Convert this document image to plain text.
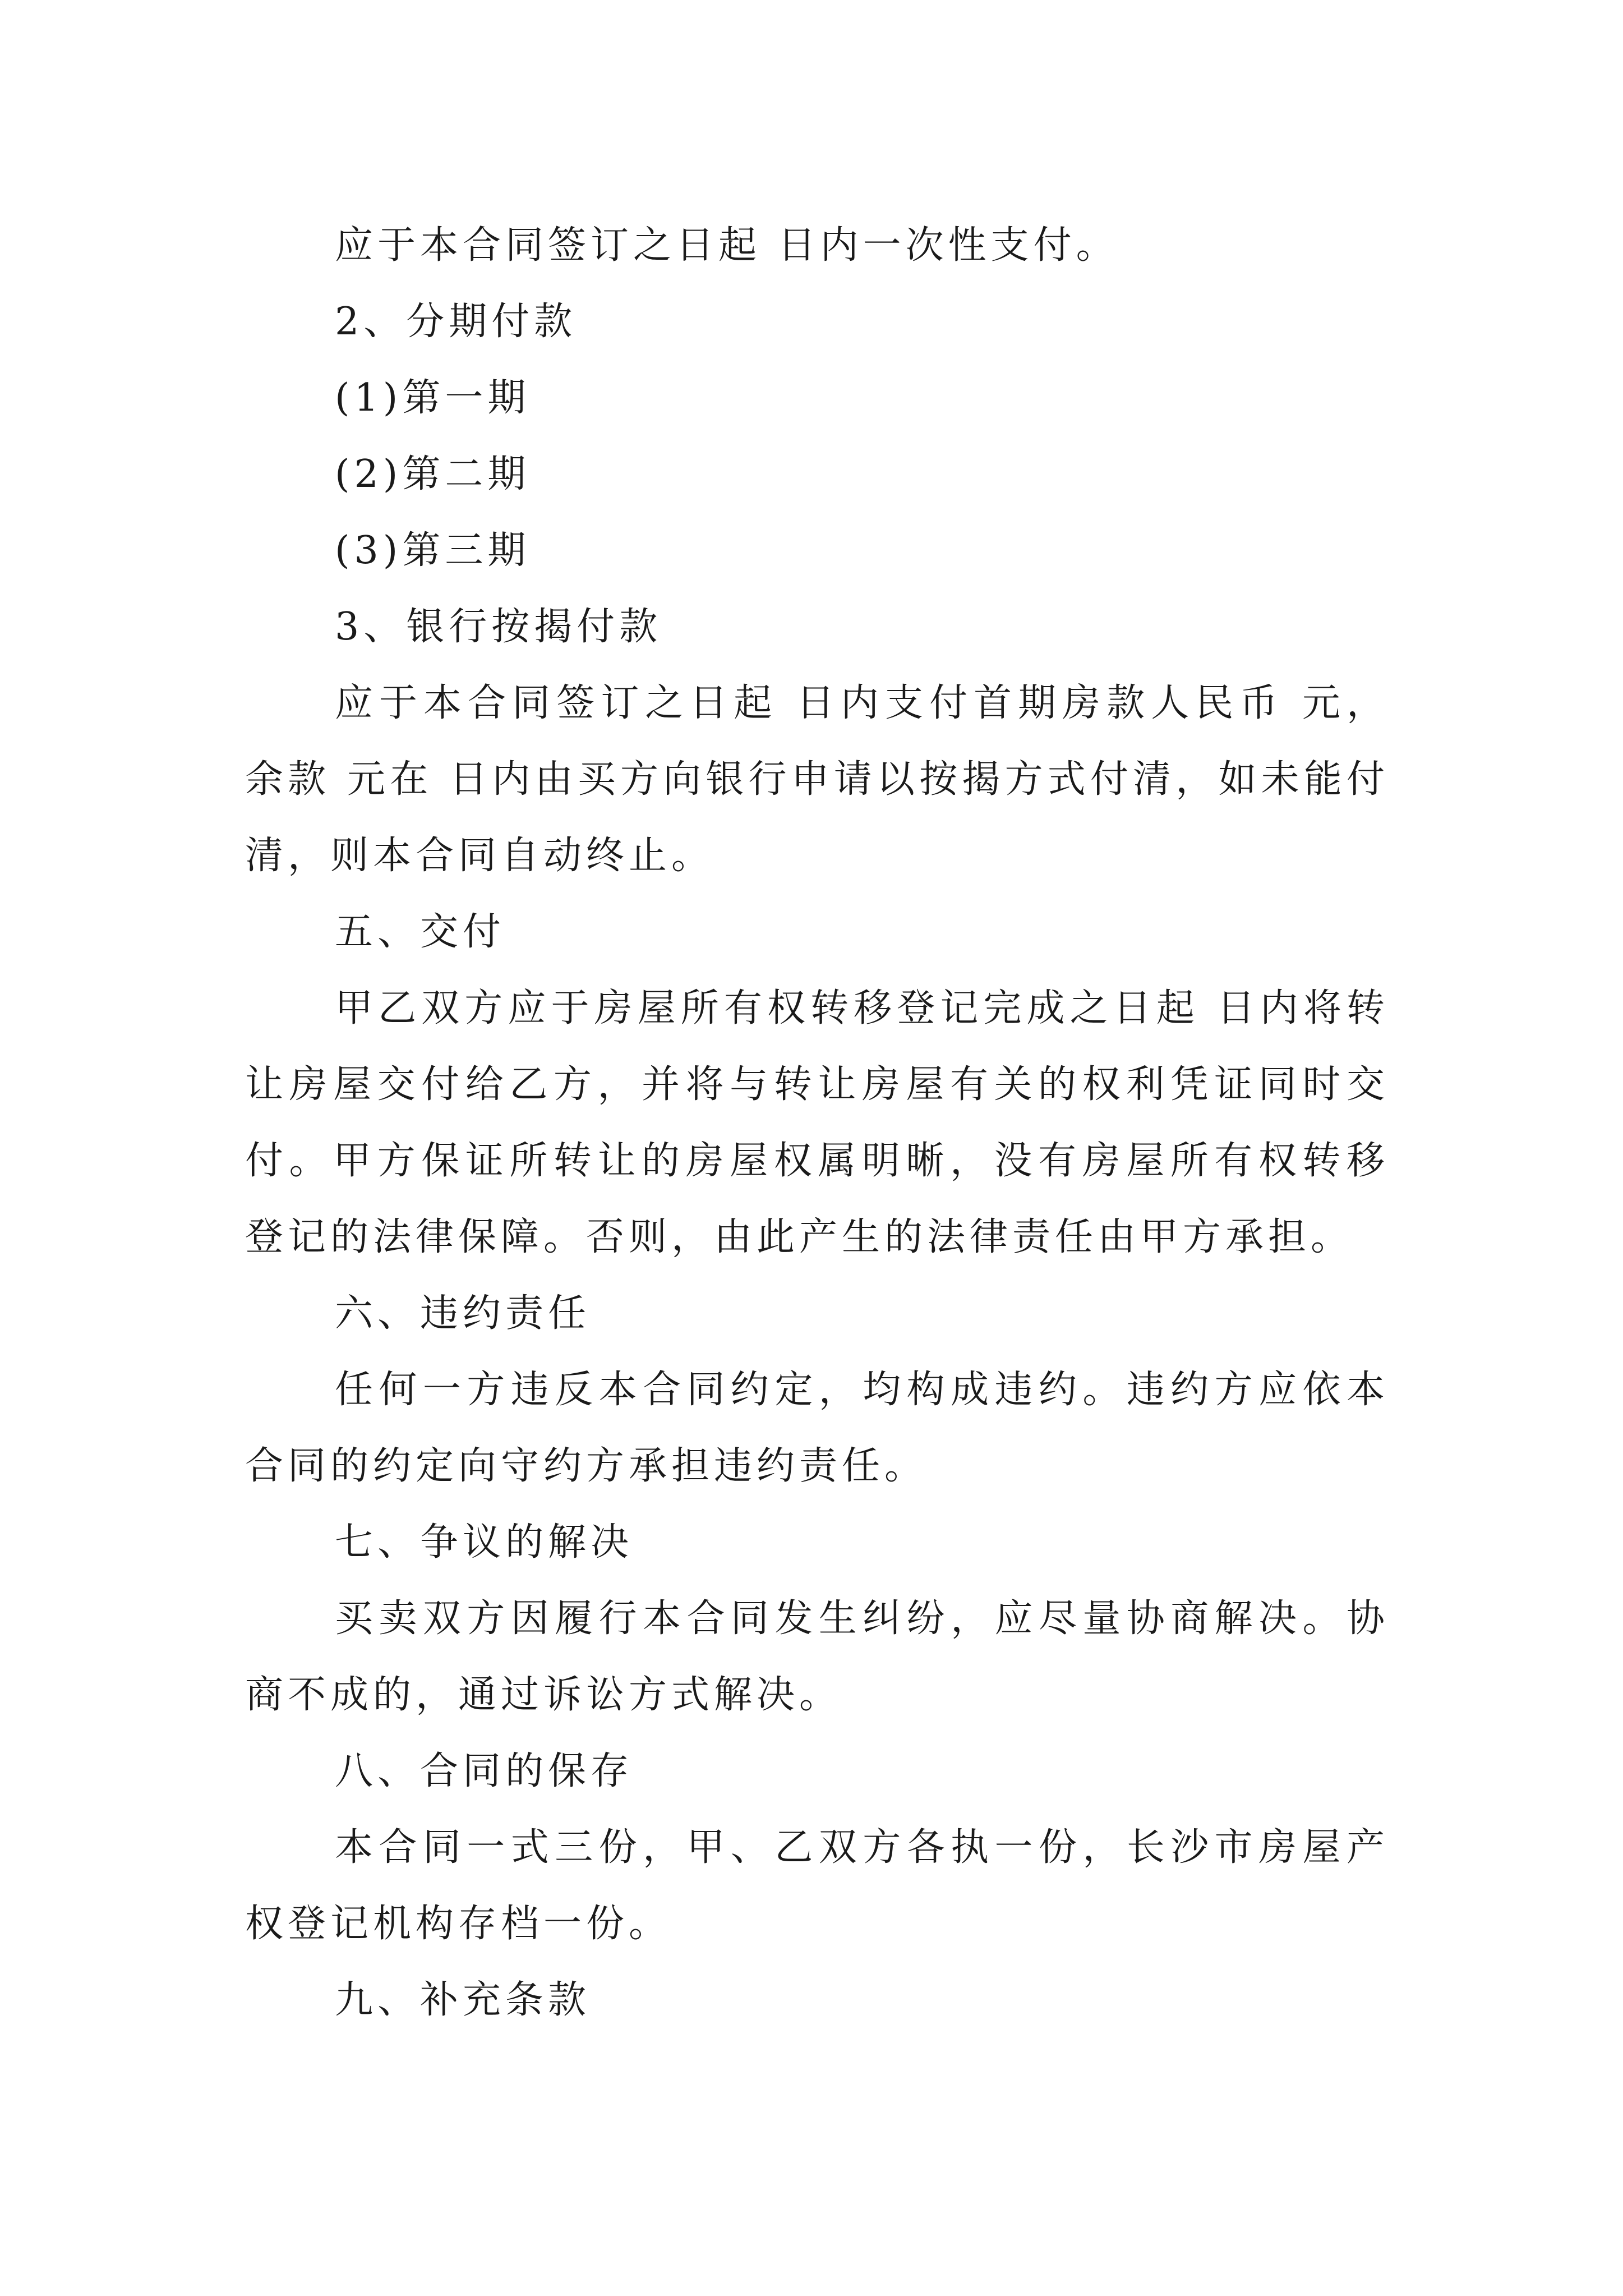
应于本合同签订之日起 日内一次性支付。

2、分期付款

(1)第一期

(2)第二期

(3)第三期

3、银行按揭付款

应于本合同签订之日起 日内支付首期房款人民币 元，余款 元在 日内由买方向银行申请以按揭方式付清，如未能付清，则本合同自动终止。

五、交付

甲乙双方应于房屋所有权转移登记完成之日起 日内将转让房屋交付给乙方，并将与转让房屋有关的权利凭证同时交付。甲方保证所转让的房屋权属明晰，没有房屋所有权转移登记的法律保障。否则，由此产生的法律责任由甲方承担。

六、违约责任

任何一方违反本合同约定，均构成违约。违约方应依本合同的约定向守约方承担违约责任。

七、争议的解决

买卖双方因履行本合同发生纠纷，应尽量协商解决。协商不成的，通过诉讼方式解决。

八、合同的保存

本合同一式三份，甲、乙双方各执一份，长沙市房屋产权登记机构存档一份。

九、补充条款
